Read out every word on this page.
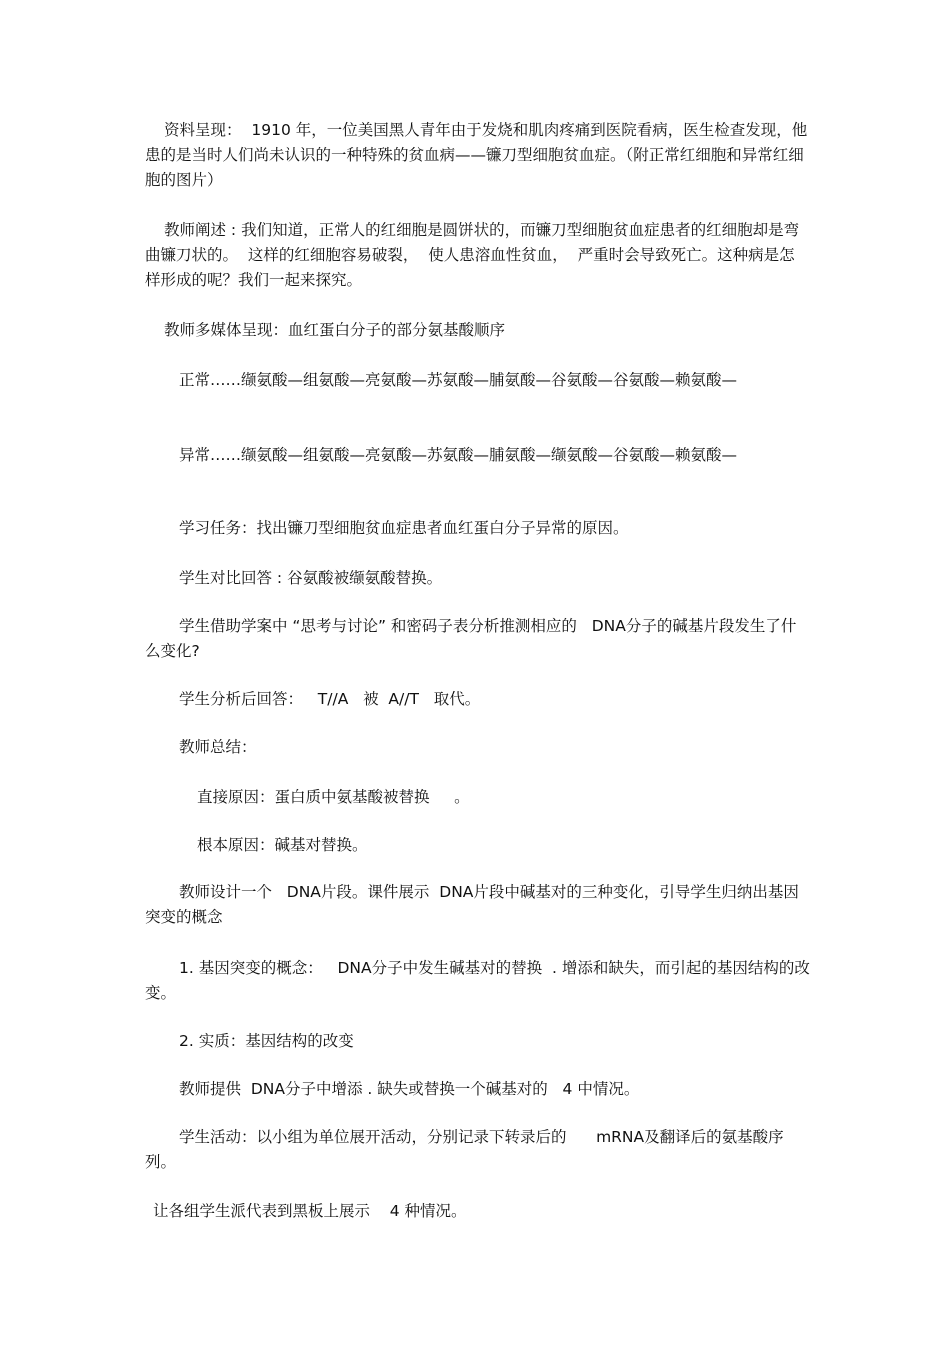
资料呈现：  1910 年，一位美国黑人青年由于发烧和肌肉疼痛到医院看病，医生检查发现，他患的是当时人们尚未认识的一种特殊的贫血病——镰刀型细胞贫血症。（附正常红细胞和异常红细胞的图片）

教师阐述 : 我们知道，正常人的红细胞是圆饼状的，而镰刀型细胞贫血症患者的红细胞却是弯曲镰刀状的。  这样的红细胞容易破裂，  使人患溶血性贫血，  严重时会导致死亡。这种病是怎样形成的呢？我们一起来探究。

教师多媒体呈现：血红蛋白分子的部分氨基酸顺序

正常……缬氨酸—组氨酸—亮氨酸—苏氨酸—脯氨酸—谷氨酸—谷氨酸—赖氨酸—

异常……缬氨酸—组氨酸—亮氨酸—苏氨酸—脯氨酸—缬氨酸—谷氨酸—赖氨酸—

学习任务：找出镰刀型细胞贫血症患者血红蛋白分子异常的原因。

学生对比回答 : 谷氨酸被缬氨酸替换。

学生借助学案中 “思考与讨论” 和密码子表分析推测相应的   DNA分子的碱基片段发生了什么变化?

学生分析后回答：   T//A   被  A//T   取代。

教师总结：

直接原因：蛋白质中氨基酸被替换     。

根本原因：碱基对替换。

教师设计一个   DNA片段。课件展示  DNA片段中碱基对的三种变化，引导学生归纳出基因突变的概念

1. 基因突变的概念：   DNA分子中发生碱基对的替换  . 增添和缺失，而引起的基因结构的改变。

2. 实质：基因结构的改变

教师提供  DNA分子中增添 . 缺失或替换一个碱基对的   4 中情况。

学生活动：以小组为单位展开活动，分别记录下转录后的      mRNA及翻译后的氨基酸序列。

让各组学生派代表到黑板上展示    4 种情况。
